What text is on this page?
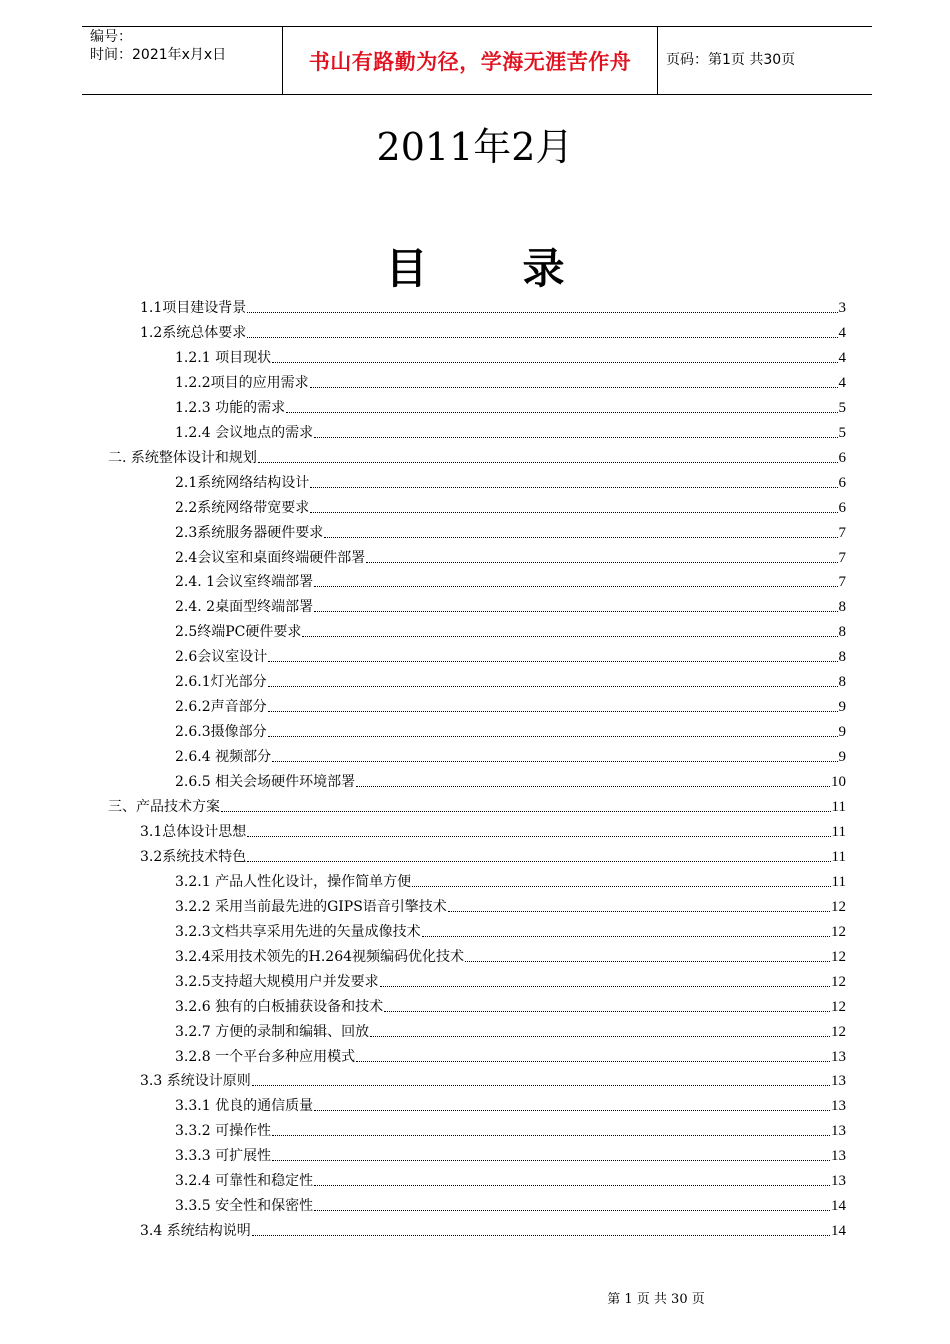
编号：
时间：2021年x月x日	书山有路勤为径，学海无涯苦作舟 页码：第1页 共30页
2011年2月
目录
1.1项目建设背景	3
1.2系统总体要求	4
1.2.1 项目现状	4
1.2.2项目的应用需求	4
1.2.3 功能的需求	5
1.2.4 会议地点的需求	5
二. 系统整体设计和规划	6
2.1系统网络结构设计	6
2.2系统网络带宽要求	6
2.3系统服务器硬件要求	7
2.4会议室和桌面终端硬件部署	7
2.4. 1会议室终端部署	7
2.4. 2桌面型终端部署	8
2.5终端PC硬件要求	8
2.6会议室设计	8
2.6.1灯光部分	8
2.6.2声音部分	9
2.6.3摄像部分	9
2.6.4 视频部分	9
2.6.5 相关会场硬件环境部署	10
三、产品技术方案	11
3.1总体设计思想	11
3.2系统技术特色	11
3.2.1 产品人性化设计，操作简单方便	11
3.2.2 采用当前最先进的GIPS语音引擎技术	12
3.2.3文档共享采用先进的矢量成像技术	12
3.2.4采用技术领先的H.264视频编码优化技术	12
3.2.5支持超大规模用户并发要求	12
3.2.6 独有的白板捕获设备和技术	12
3.2.7 方便的录制和编辑、回放	12
3.2.8 一个平台多种应用模式	13
3.3 系统设计原则	13
3.3.1 优良的通信质量	13
3.3.2 可操作性	13
3.3.3 可扩展性	13
3.2.4 可靠性和稳定性	13
3.3.5 安全性和保密性	14
3.4 系统结构说明	14
第 1 页 共 30 页
